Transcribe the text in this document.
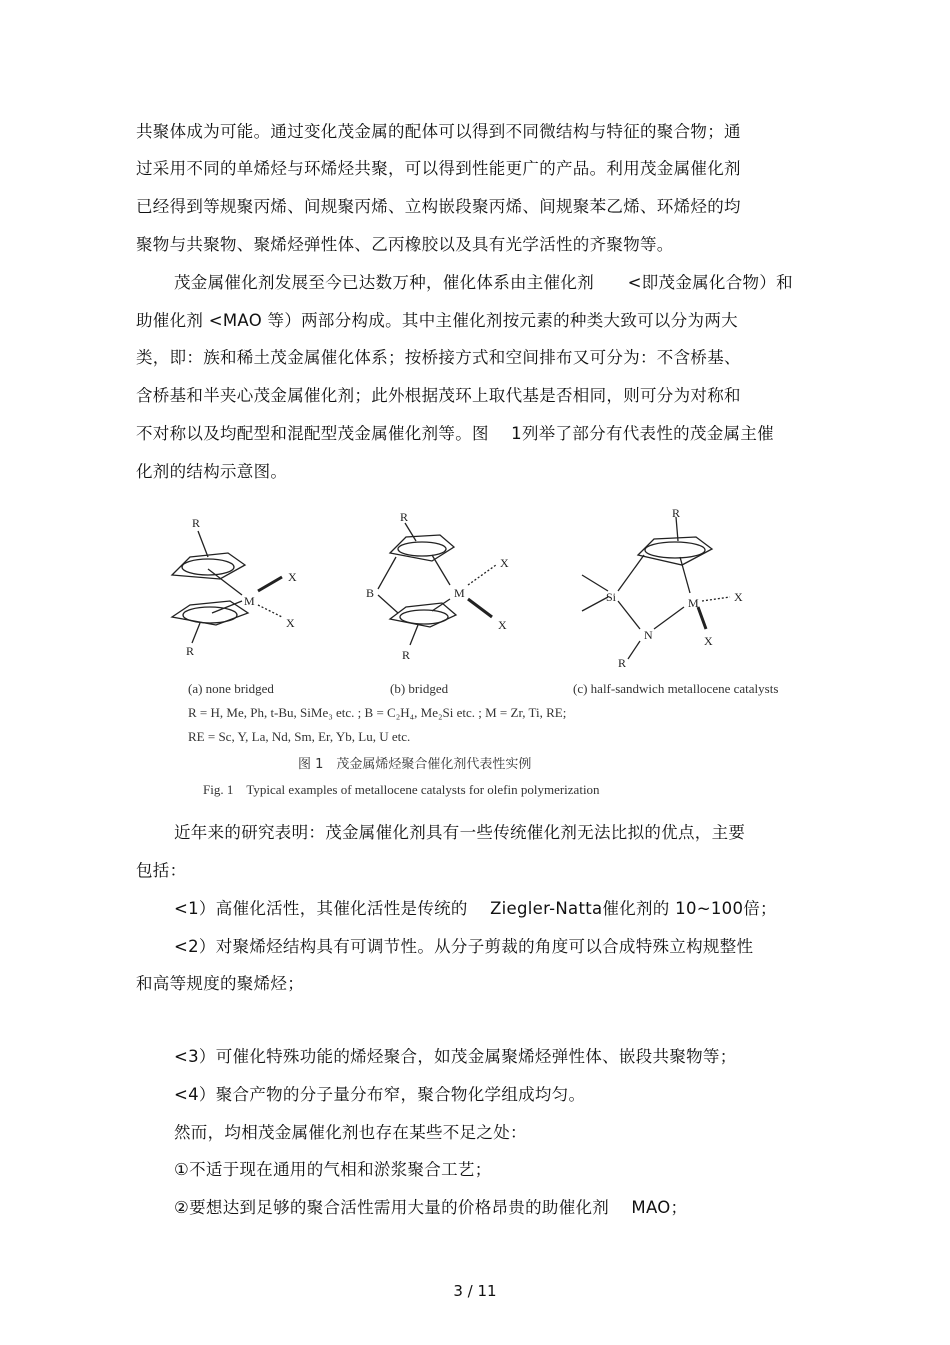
共聚体成为可能。通过变化茂金属的配体可以得到不同微结构与特征的聚合物；通
过采用不同的单烯烃与环烯烃共聚，可以得到性能更广的产品。利用茂金属催化剂
已经得到等规聚丙烯、间规聚丙烯、立构嵌段聚丙烯、间规聚苯乙烯、环烯烃的均
聚物与共聚物、聚烯烃弹性体、乙丙橡胶以及具有光学活性的齐聚物等。
茂金属催化剂发展至今已达数万种，催化体系由主催化剂　　<即茂金属化合物）和
助催化剂 <MAO 等）两部分构成。其中主催化剂按元素的种类大致可以分为两大
类，即：族和稀土茂金属催化体系；按桥接方式和空间排布又可分为：不含桥基、
含桥基和半夹心茂金属催化剂；此外根据茂环上取代基是否相同，则可分为对称和
不对称以及均配型和混配型茂金属催化剂等。图　 1列举了部分有代表性的茂金属主催
化剂的结构示意图。
R
M
X
X
R
R
B	M
X
X
R
R
Si
N
M	X
X
R
(a) none bridged	(b) bridged	(c) half-sandwich metallocene catalysts
R = H, Me, Ph, t-Bu, SiMe₃ etc. ; B = C₂H₄, Me₂Si etc. ; M = Zr, Ti, RE;
RE = Sc, Y, La, Nd, Sm, Er, Yb, Lu, U etc.
图 1　茂金属烯烃聚合催化剂代表性实例
Fig. 1　Typical examples of metallocene catalysts for olefin polymerization
近年来的研究表明：茂金属催化剂具有一些传统催化剂无法比拟的优点，主要
包括：
<1）高催化活性，其催化活性是传统的　 Ziegler-Natta催化剂的 10~100倍；
<2）对聚烯烃结构具有可调节性。从分子剪裁的角度可以合成特殊立构规整性
和高等规度的聚烯烃；
<3）可催化特殊功能的烯烃聚合，如茂金属聚烯烃弹性体、嵌段共聚物等；
<4）聚合产物的分子量分布窄，聚合物化学组成均匀。
然而，均相茂金属催化剂也存在某些不足之处：
①不适于现在通用的气相和淤浆聚合工艺；
②要想达到足够的聚合活性需用大量的价格昂贵的助催化剂　 MAO；
3 / 11
